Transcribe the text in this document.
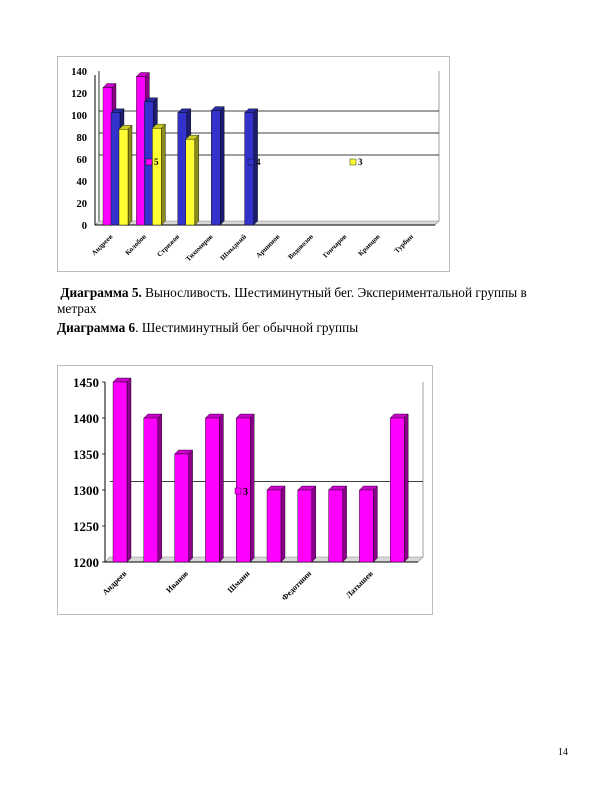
0
20
40
60
80
100
120
140
Андреев Колобов Стрижов Тихомиров Шмыдкий Аршинов Водовозов Гончаров Кравцов Турбин
5	4	3
Диаграмма 5. Выносливость. Шестиминутный бег. Экспериментальной группы в метрах
Диаграмма 6. Шестиминутный бег обычной группы
1200
1250
1300
1350
1400
1450
Андреев	Иванов	Шмаин	Федотшин	Латышев
3
14
